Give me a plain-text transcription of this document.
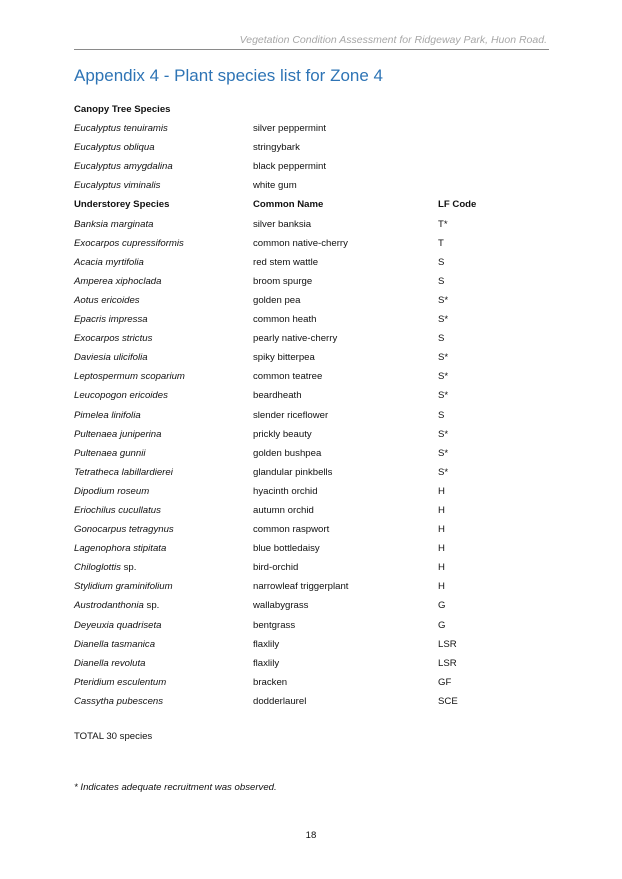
Vegetation Condition Assessment for Ridgeway Park, Huon Road.
Appendix 4 - Plant species list for Zone 4
Canopy Tree Species
Eucalyptus tenuiramis	silver peppermint
Eucalyptus obliqua	stringybark
Eucalyptus amygdalina	black peppermint
Eucalyptus viminalis	white gum
Understorey Species	Common Name	LF Code
Banksia marginata	silver banksia	T*
Exocarpos cupressiformis	common native-cherry	T
Acacia myrtifolia	red stem wattle	S
Amperea xiphoclada	broom spurge	S
Aotus ericoides	golden pea	S*
Epacris impressa	common heath	S*
Exocarpos strictus	pearly native-cherry	S
Daviesia ulicifolia	spiky bitterpea	S*
Leptospermum scoparium	common teatree	S*
Leucopogon ericoides	beardheath	S*
Pimelea linifolia	slender riceflower	S
Pultenaea juniperina	prickly beauty	S*
Pultenaea gunnii	golden bushpea	S*
Tetratheca labillardierei	glandular pinkbells	S*
Dipodium roseum	hyacinth orchid	H
Eriochilus cucullatus	autumn orchid	H
Gonocarpus tetragynus	common raspwort	H
Lagenophora stipitata	blue bottledaisy	H
Chiloglottis sp.	bird-orchid	H
Stylidium graminifolium	narrowleaf triggerplant	H
Austrodanthonia sp.	wallabygrass	G
Deyeuxia quadriseta	bentgrass	G
Dianella tasmanica	flaxlily	LSR
Dianella revoluta	flaxlily	LSR
Pteridium esculentum	bracken	GF
Cassytha pubescens	dodderlaurel	SCE
TOTAL 30 species
* Indicates adequate recruitment was observed.
18
